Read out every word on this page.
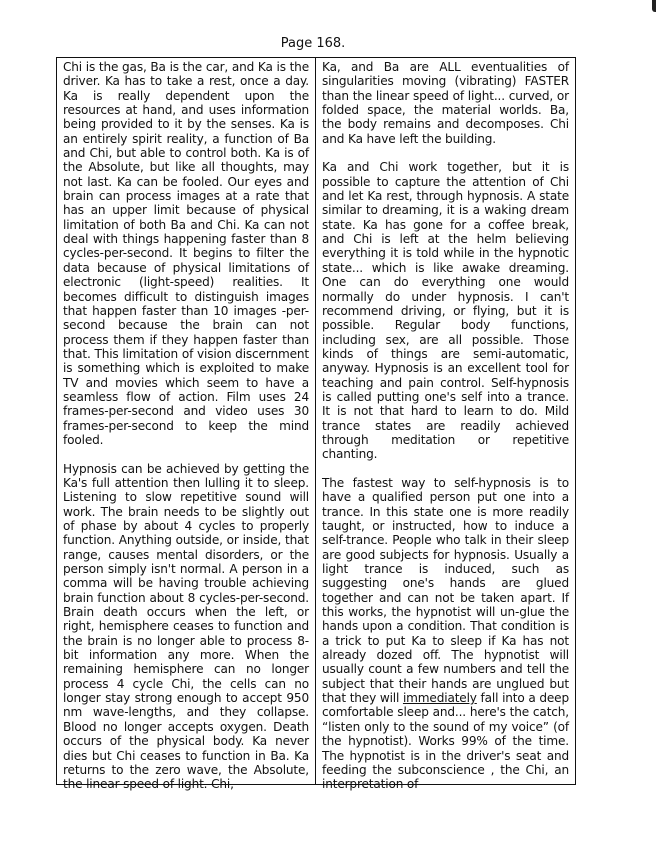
Page 168.

Chi is the gas, Ba is the car, and Ka is the driver. Ka has to take a rest, once a day. Ka is really dependent upon the resources at hand, and uses information being provided to it by the senses. Ka is an entirely spirit reality, a function of Ba and Chi, but able to control both. Ka is of the Absolute, but like all thoughts, may not last. Ka can be fooled. Our eyes and brain can process images at a rate that has an upper limit because of physical limitation of both Ba and Chi. Ka can not deal with things happening faster than 8 cycles-per-second. It begins to filter the data because of physical limitations of electronic (light-speed) realities. It becomes difficult to distinguish images that happen faster than 10 images -per-second because the brain can not process them if they happen faster than that. This limitation of vision discernment is something which is exploited to make TV and movies which seem to have a seamless flow of action. Film uses 24 frames-per-second and video uses 30 frames-per-second to keep the mind fooled.

Hypnosis can be achieved by getting the Ka's full attention then lulling it to sleep. Listening to slow repetitive sound will work. The brain needs to be slightly out of phase by about 4 cycles to properly function. Anything outside, or inside, that range, causes mental disorders, or the person simply isn't normal. A person in a comma will be having trouble achieving brain function about 8 cycles-per-second. Brain death occurs when the left, or right, hemisphere ceases to function and the brain is no longer able to process 8-bit information any more. When the remaining hemisphere can no longer process 4 cycle Chi, the cells can no longer stay strong enough to accept 950 nm wave-lengths, and they collapse. Blood no longer accepts oxygen. Death occurs of the physical body. Ka never dies but Chi ceases to function in Ba. Ka returns to the zero wave, the Absolute, the linear speed of light. Chi,

Ka, and Ba are ALL eventualities of singularities moving (vibrating) FASTER than the linear speed of light... curved, or folded space, the material worlds. Ba, the body remains and decomposes. Chi and Ka have left the building.

Ka and Chi work together, but it is possible to capture the attention of Chi and let Ka rest, through hypnosis. A state similar to dreaming, it is a waking dream state. Ka has gone for a coffee break, and Chi is left at the helm believing everything it is told while in the hypnotic state... which is like awake dreaming. One can do everything one would normally do under hypnosis. I can't recommend driving, or flying, but it is possible. Regular body functions, including sex, are all possible. Those kinds of things are semi-automatic, anyway. Hypnosis is an excellent tool for teaching and pain control. Self-hypnosis is called putting one's self into a trance. It is not that hard to learn to do. Mild trance states are readily achieved through meditation or repetitive chanting.

The fastest way to self-hypnosis is to have a qualified person put one into a trance. In this state one is more readily taught, or instructed, how to induce a self-trance. People who talk in their sleep are good subjects for hypnosis. Usually a light trance is induced, such as suggesting one's hands are glued together and can not be taken apart. If this works, the hypnotist will un-glue the hands upon a condition. That condition is a trick to put Ka to sleep if Ka has not already dozed off. The hypnotist will usually count a few numbers and tell the subject that their hands are unglued but that they will immediately fall into a deep comfortable sleep and... here's the catch, “listen only to the sound of my voice” (of the hypnotist). Works 99% of the time. The hypnotist is in the driver's seat and feeding the subconscience , the Chi, an interpretation of
